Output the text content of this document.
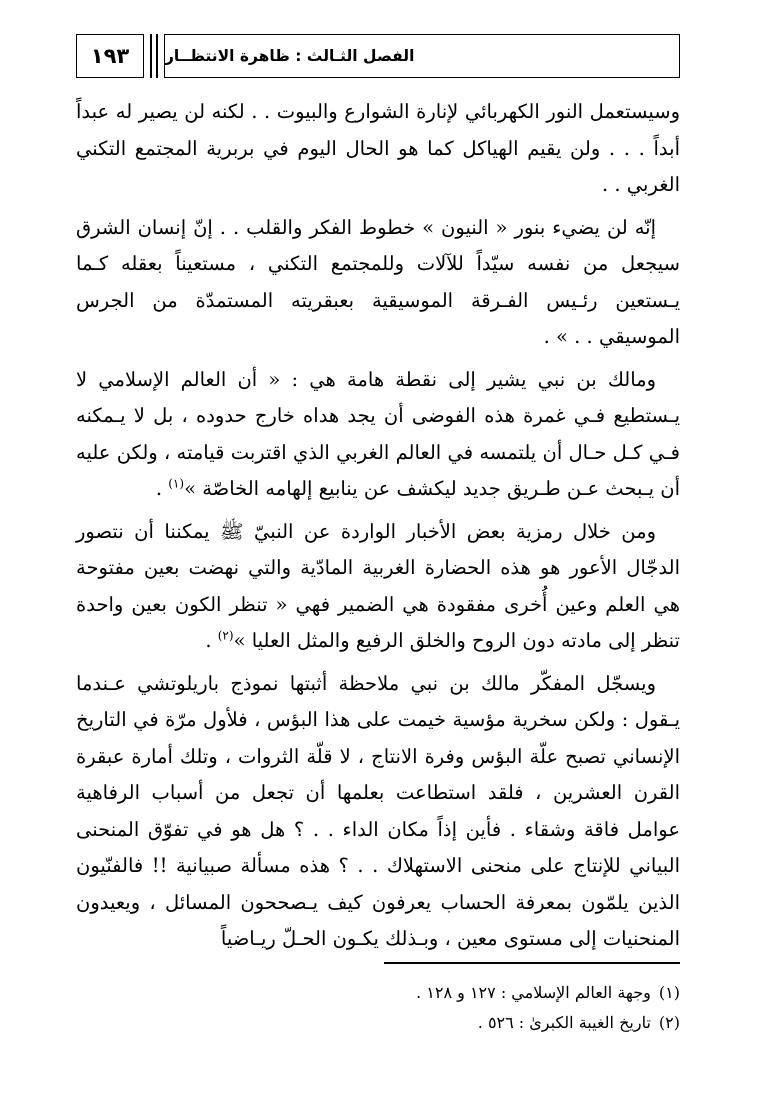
١٩٣	الفصل الثـالث : ظاهرة الانتظــار

وسيستعمل النور الكهربائي لإنارة الشوارع والبيوت . . لكنه لن يصير له عبداً أبداً . . . ولن يقيم الهياكل كما هو الحال اليوم في بربرية المجتمع التكني الغربي . .

إنّه لن يضيء بنور « النيون » خطوط الفكر والقلب . . إنّ إنسان الشرق سيجعل من نفسه سيّداً للآلات وللمجتمع التكني ، مستعيناً بعقله كـما يـستعين رئـيس الفـرقة الموسيقية بعبقريته المستمدّة من الجرس الموسيقي . . » .

ومالك بن نبي يشير إلى نقطة هامة هي : « أن العالم الإسلامي لا يـستطيع فـي غمرة هذه الفوضى أن يجد هداه خارج حدوده ، بل لا يـمكنه فـي كـل حـال أن يلتمسه في العالم الغربي الذي اقتربت قيامته ، ولكن عليه أن يـبحث عـن طـريق جديد ليكشف عن ينابيع إلهامه الخاصّة »$^{(١)}$ .

ومن خلال رمزية بعض الأخبار الواردة عن النبيّ ﷺ يمكننا أن نتصور الدجّال الأعور هو هذه الحضارة الغربية المادّية والتي نهضت بعين مفتوحة هي العلم وعين أُخرى مفقودة هي الضمير فهي « تنظر الكون بعين واحدة تنظر إلى مادته دون الروح والخلق الرفيع والمثل العليا »$^{(٢)}$ .

ويسجّل المفكّر مالك بن نبي ملاحظة أثبتها نموذج باريلوتشي عـندما يـقول : ولكن سخرية مؤسية خيمت على هذا البؤس ، فلأول مرّة في التاريخ الإنساني تصبح علّة البؤس وفرة الانتاج ، لا قلّة الثروات ، وتلك أمارة عبقرة القرن العشرين ، فلقد استطاعت بعلمها أن تجعل من أسباب الرفاهية عوامل فاقة وشقاء . فأين إذاً مكان الداء . . ؟ هل هو في تفوّق المنحنى البياني للإنتاج على منحنى الاستهلاك . . ؟ هذه مسألة صبيانية !! فالفنّيون الذين يلمّون بمعرفة الحساب يعرفون كيف يـصححون المسائل ، ويعيدون المنحنيات إلى مستوى معين ، وبـذلك يكـون الحـلّ ريـاضياً

(١)وجهة العالم الإسلامي : ١٢٧ و ١٢٨ .

(٢)تاريخ الغيبة الكبرىٰ : ٥٢٦ .
